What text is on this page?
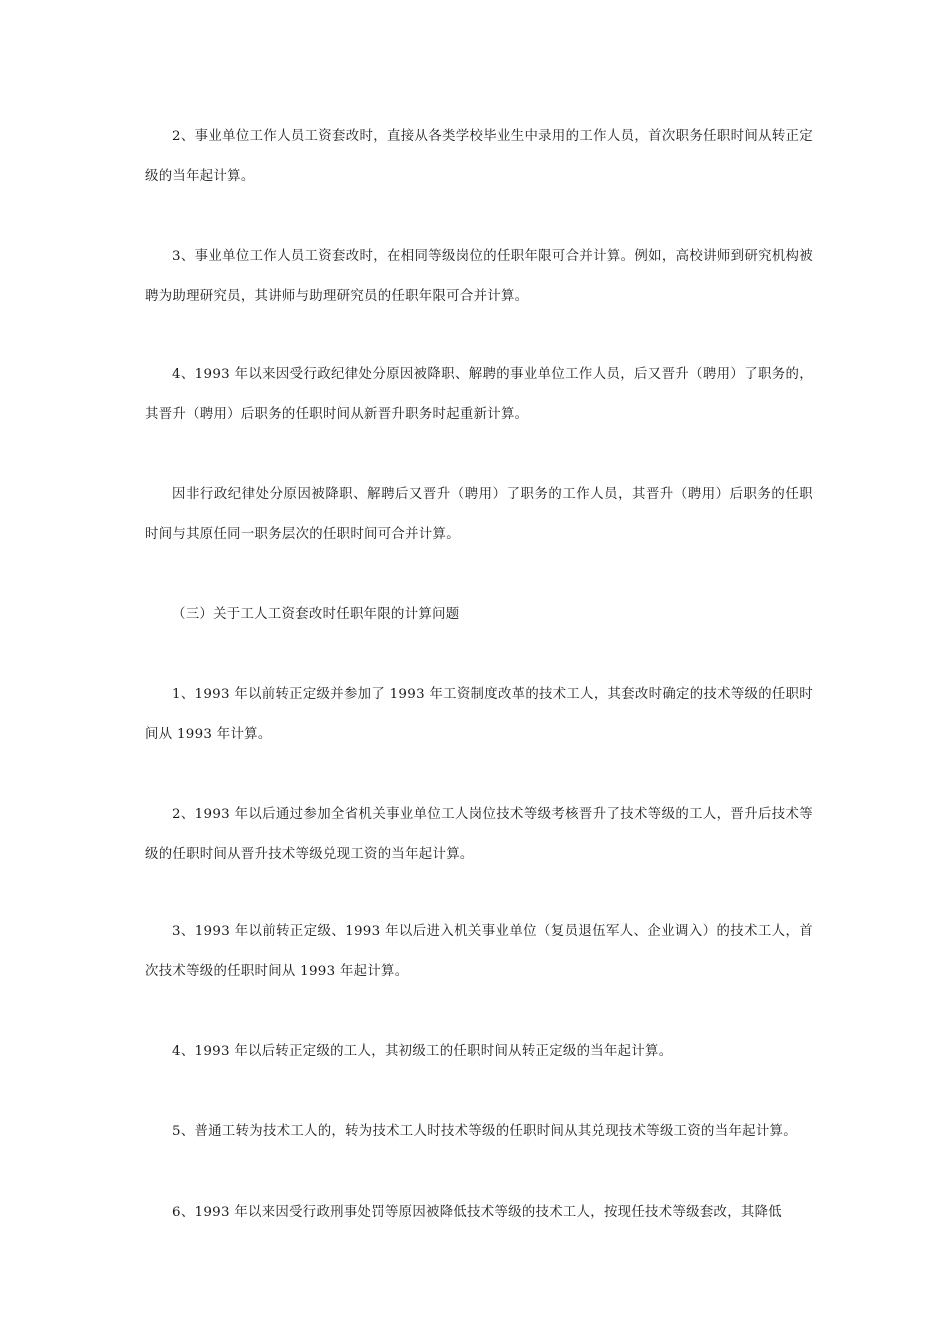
2、事业单位工作人员工资套改时，直接从各类学校毕业生中录用的工作人员，首次职务任职时间从转正定级的当年起计算。

3、事业单位工作人员工资套改时，在相同等级岗位的任职年限可合并计算。例如，高校讲师到研究机构被聘为助理研究员，其讲师与助理研究员的任职年限可合并计算。

4、1993 年以来因受行政纪律处分原因被降职、解聘的事业单位工作人员，后又晋升（聘用）了职务的，其晋升（聘用）后职务的任职时间从新晋升职务时起重新计算。

因非行政纪律处分原因被降职、解聘后又晋升（聘用）了职务的工作人员，其晋升（聘用）后职务的任职时间与其原任同一职务层次的任职时间可合并计算。

（三）关于工人工资套改时任职年限的计算问题

1、1993 年以前转正定级并参加了 1993 年工资制度改革的技术工人，其套改时确定的技术等级的任职时间从 1993 年计算。

2、1993 年以后通过参加全省机关事业单位工人岗位技术等级考核晋升了技术等级的工人，晋升后技术等级的任职时间从晋升技术等级兑现工资的当年起计算。

3、1993 年以前转正定级、1993 年以后进入机关事业单位（复员退伍军人、企业调入）的技术工人，首次技术等级的任职时间从 1993 年起计算。

4、1993 年以后转正定级的工人，其初级工的任职时间从转正定级的当年起计算。

5、普通工转为技术工人的，转为技术工人时技术等级的任职时间从其兑现技术等级工资的当年起计算。

6、1993 年以来因受行政刑事处罚等原因被降低技术等级的技术工人，按现任技术等级套改，其降低
